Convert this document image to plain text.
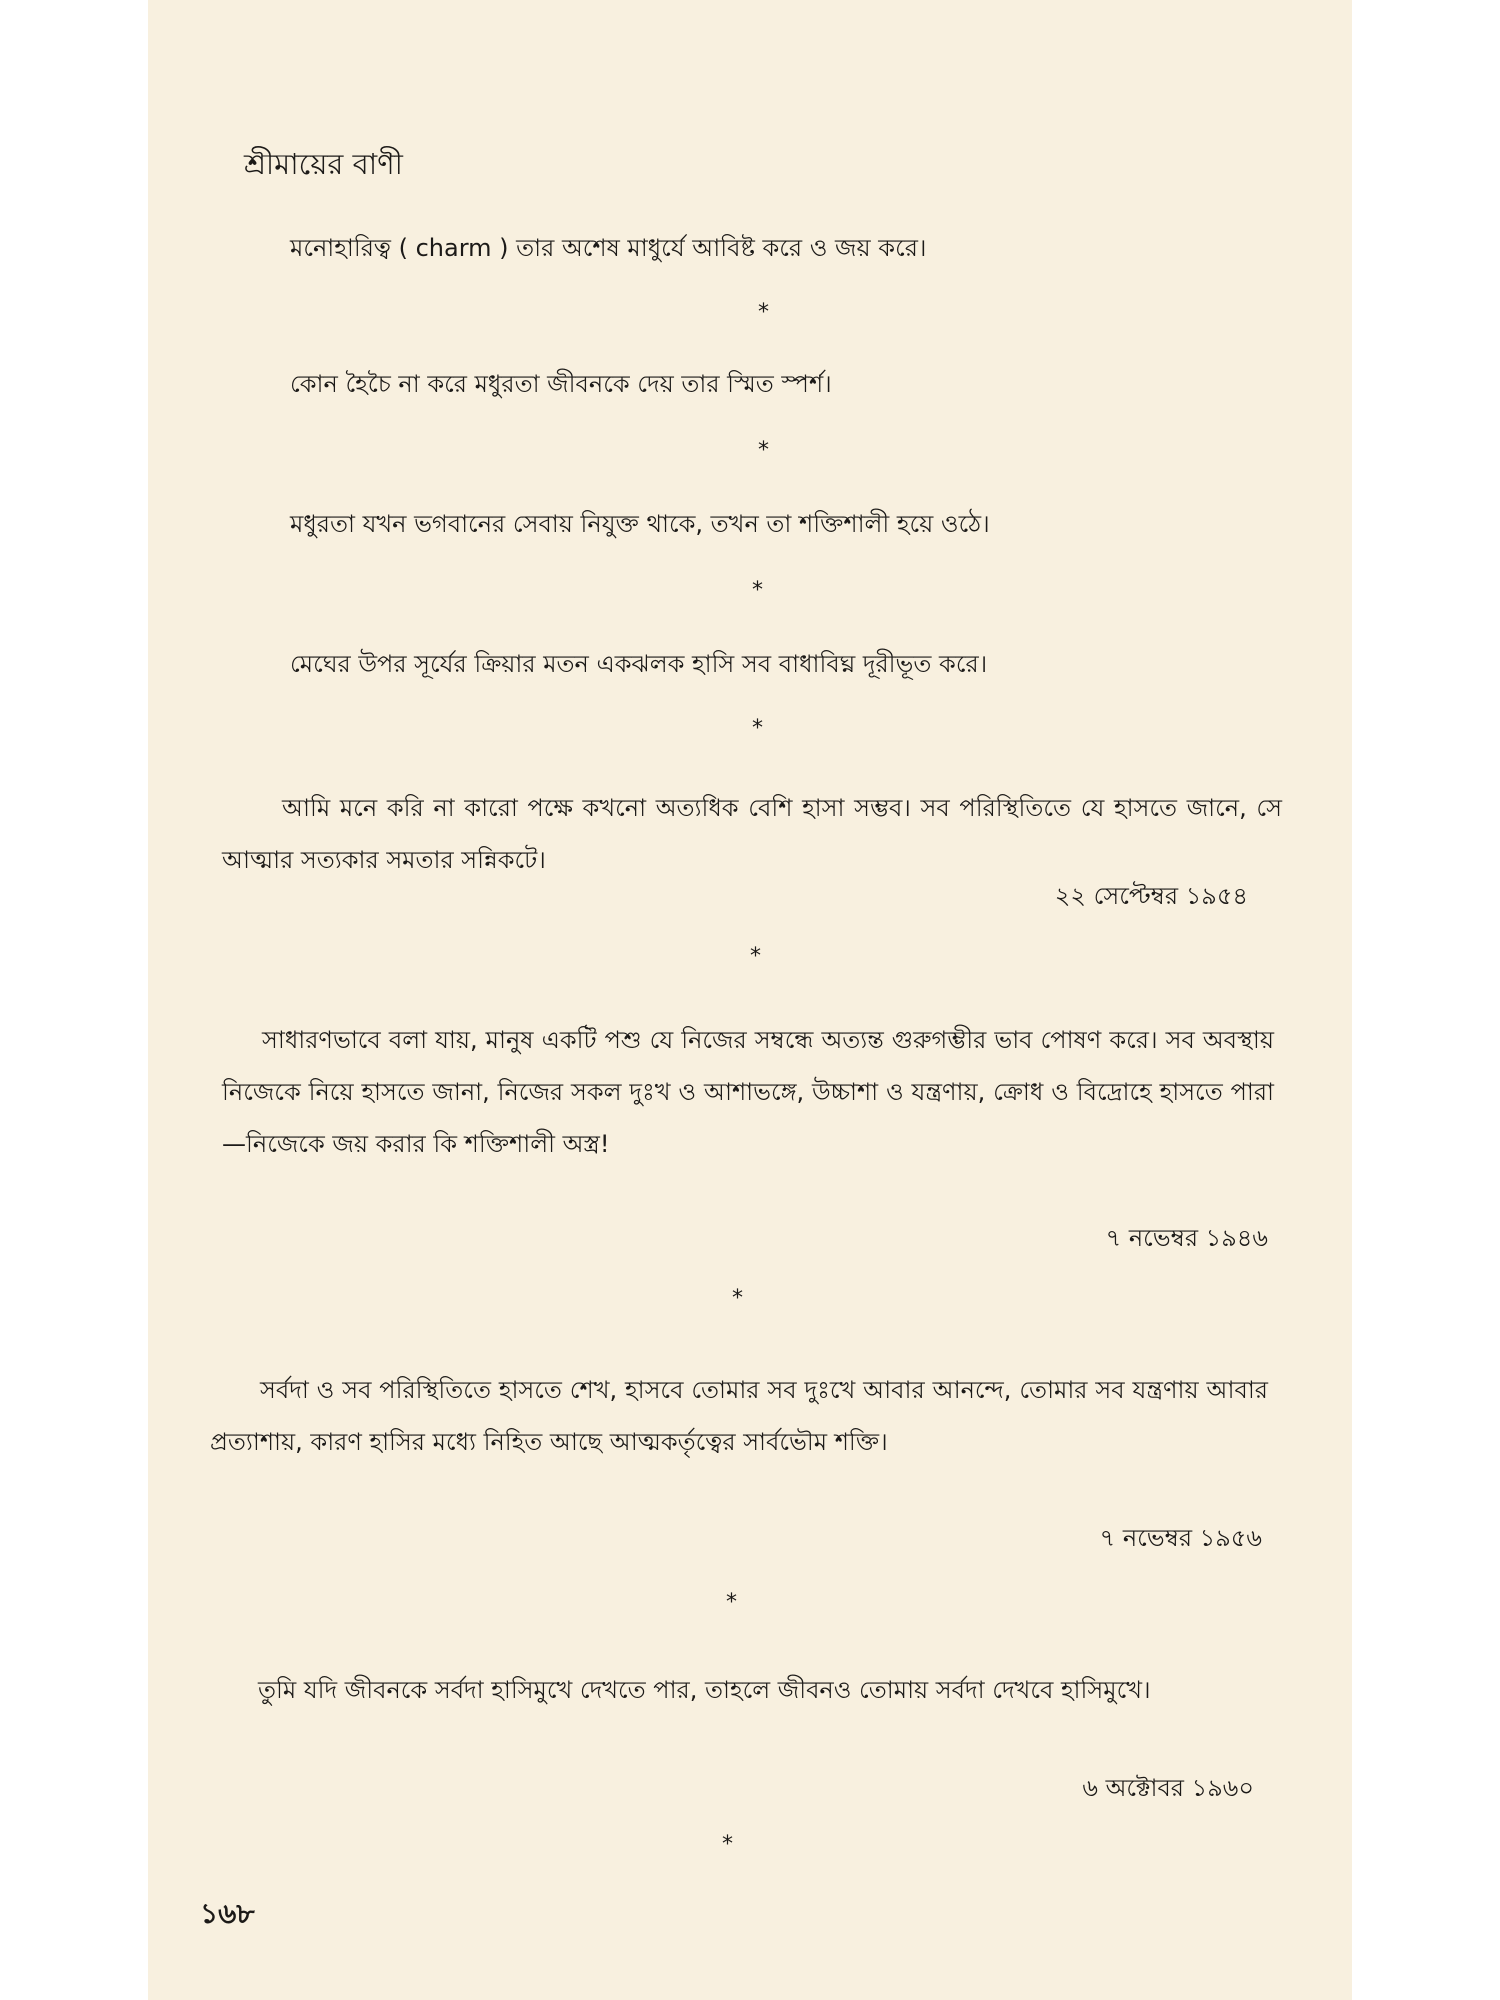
শ্রীমায়ের বাণী
মনোহারিত্ব ( charm ) তার অশেষ মাধুর্যে আবিষ্ট করে ও জয় করে।
*
কোন হৈচৈ না করে মধুরতা জীবনকে দেয় তার স্মিত স্পর্শ।
*
মধুরতা যখন ভগবানের সেবায় নিযুক্ত থাকে, তখন তা শক্তিশালী হয়ে ওঠে।
*
মেঘের উপর সূর্যের ক্রিয়ার মতন একঝলক হাসি সব বাধাবিঘ্ন দূরীভূত করে।
*
আমি মনে করি না কারো পক্ষে কখনো অত্যধিক বেশি হাসা সম্ভব। সব পরিস্থিতিতে যে হাসতে জানে, সে আত্মার সত্যকার সমতার সন্নিকটে।
২২ সেপ্টেম্বর ১৯৫৪
*
সাধারণভাবে বলা যায়, মানুষ একটি পশু যে নিজের সম্বন্ধে অত্যন্ত গুরুগম্ভীর ভাব পোষণ করে। সব অবস্থায় নিজেকে নিয়ে হাসতে জানা, নিজের সকল দুঃখ ও আশাভঙ্গে, উচ্চাশা ও যন্ত্রণায়, ক্রোধ ও বিদ্রোহে হাসতে পারা—নিজেকে জয় করার কি শক্তিশালী অস্ত্র!
৭ নভেম্বর ১৯৪৬
*
সর্বদা ও সব পরিস্থিতিতে হাসতে শেখ, হাসবে তোমার সব দুঃখে আবার আনন্দে, তোমার সব যন্ত্রণায় আবার প্রত্যাশায়, কারণ হাসির মধ্যে নিহিত আছে আত্মকর্তৃত্বের সার্বভৌম শক্তি।
৭ নভেম্বর ১৯৫৬
*
তুমি যদি জীবনকে সর্বদা হাসিমুখে দেখতে পার, তাহলে জীবনও তোমায় সর্বদা দেখবে হাসিমুখে।
৬ অক্টোবর ১৯৬০
*
১৬৮
